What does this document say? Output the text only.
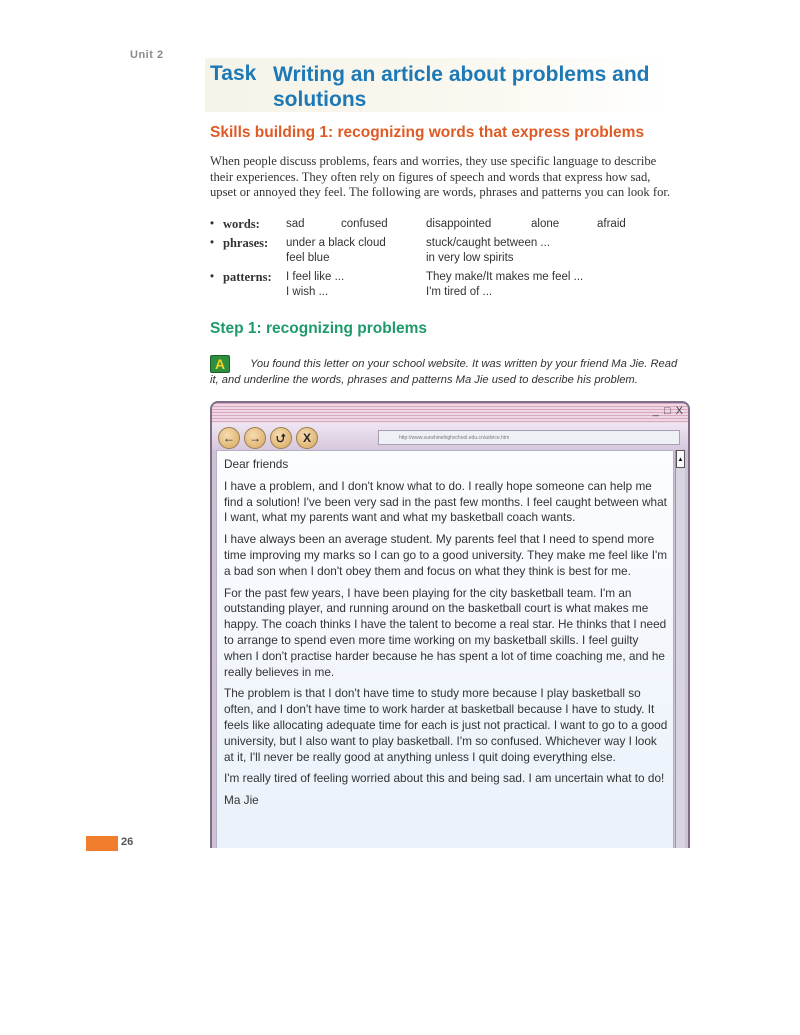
Unit 2
Task Writing an article about problems and solutions
Skills building 1: recognizing words that express problems

When people discuss problems, fears and worries, they use specific language to describe their experiences. They often rely on figures of speech and words that express how sad, upset or annoyed they feel. The following are words, phrases and patterns you can look for.

• words: sad	confused	disappointed	alone	afraid
• phrases: under a black cloud	stuck/caught between ...
feel blue	in very low spirits
• patterns: I feel like ...	They make/It makes me feel ...
I wish ...	I'm tired of ...
Step 1: recognizing problems

You found this letter on your school website. It was written by your friend Ma Jie. Read it, and underline the words, phrases and patterns Ma Jie used to describe his problem.

A
_ □ X
←	→	⮍	X	http://www.sunshinehighschool.edu.cn/advice.htm

Dear friends

I have a problem, and I don't know what to do. I really hope someone can help me find a solution! I've been very sad in the past few months. I feel caught between what I want, what my parents want and what my basketball coach wants.

I have always been an average student. My parents feel that I need to spend more time improving my marks so I can go to a good university. They make me feel like I'm a bad son when I don't obey them and focus on what they think is best for me.

For the past few years, I have been playing for the city basketball team. I'm an outstanding player, and running around on the basketball court is what makes me happy. The coach thinks I have the talent to become a real star. He thinks that I need to arrange to spend even more time working on my basketball skills. I feel guilty when I don't practise harder because he has spent a lot of time coaching me, and he really believes in me.

The problem is that I don't have time to study more because I play basketball so often, and I don't have time to work harder at basketball because I have to study. It feels like allocating adequate time for each is just not practical. I want to go to a good university, but I also want to play basketball. I'm so confused. Whichever way I look at it, I'll never be really good at anything unless I quit doing everything else.

I'm really tired of feeling worried about this and being sad. I am uncertain what to do!

Ma Jie

▲
26
